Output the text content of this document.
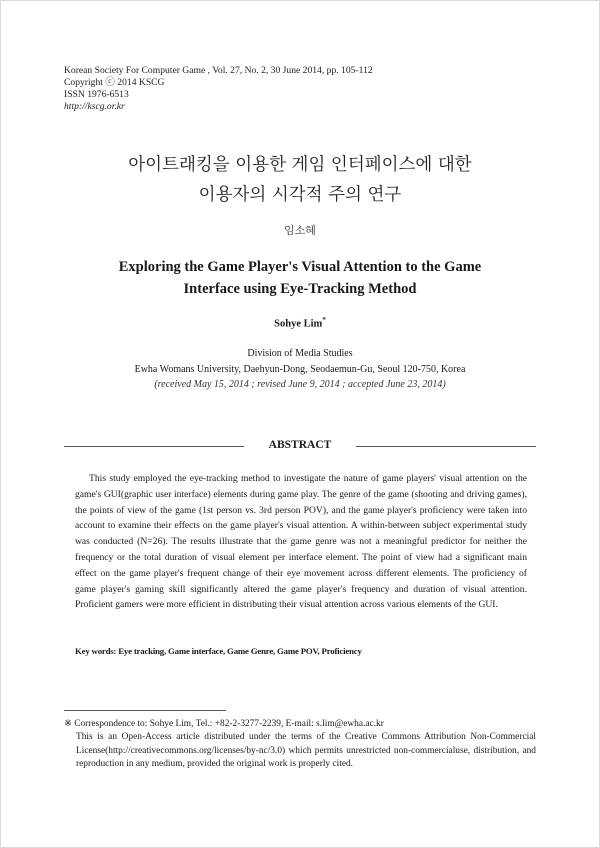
Korean Society For Computer Game , Vol. 27, No. 2, 30 June 2014, pp. 105-112
Copyright ⓒ 2014 KSCG
ISSN 1976-6513
http://kscg.or.kr
아이트래킹을 이용한 게임 인터페이스에 대한
이용자의 시각적 주의 연구
임소혜
Exploring the Game Player's Visual Attention to the Game
Interface using Eye-Tracking Method
Sohye Lim*
Division of Media Studies
Ewha Womans University, Daehyun-Dong, Seodaemun-Gu, Seoul 120-750, Korea
(received May 15, 2014 ; revised June 9, 2014 ; accepted June 23, 2014)
ABSTRACT

This study employed the eye-tracking method to investigate the nature of game players' visual attention on the game's GUI(graphic user interface) elements during game play. The genre of the game (shooting and driving games), the points of view of the game (1st person vs. 3rd person POV), and the game player's proficiency were taken into account to examine their effects on the game player's visual attention. A within-between subject experimental study was conducted (N=26). The results illustrate that the game genre was not a meaningful predictor for neither the frequency or the total duration of visual element per interface element. The point of view had a significant main effect on the game player's frequent change of their eye movement across different elements. The proficiency of game player's gaming skill significantly altered the game player's frequency and duration of visual attention. Proficient gamers were more efficient in distributing their visual attention across various elements of the GUI.

Key words: Eye tracking, Game interface, Game Genre, Game POV, Proficiency
※ Correspondence to: Sohye Lim, Tel.: +82-2-3277-2239, E-mail: s.lim@ewha.ac.kr
This is an Open-Access article distributed under the terms of the Creative Commons Attribution Non-Commercial License(http://creativecommons.org/licenses/by-nc/3.0) which permits unrestricted non-commercialuse, distribution, and reproduction in any medium, provided the original work is properly cited.
